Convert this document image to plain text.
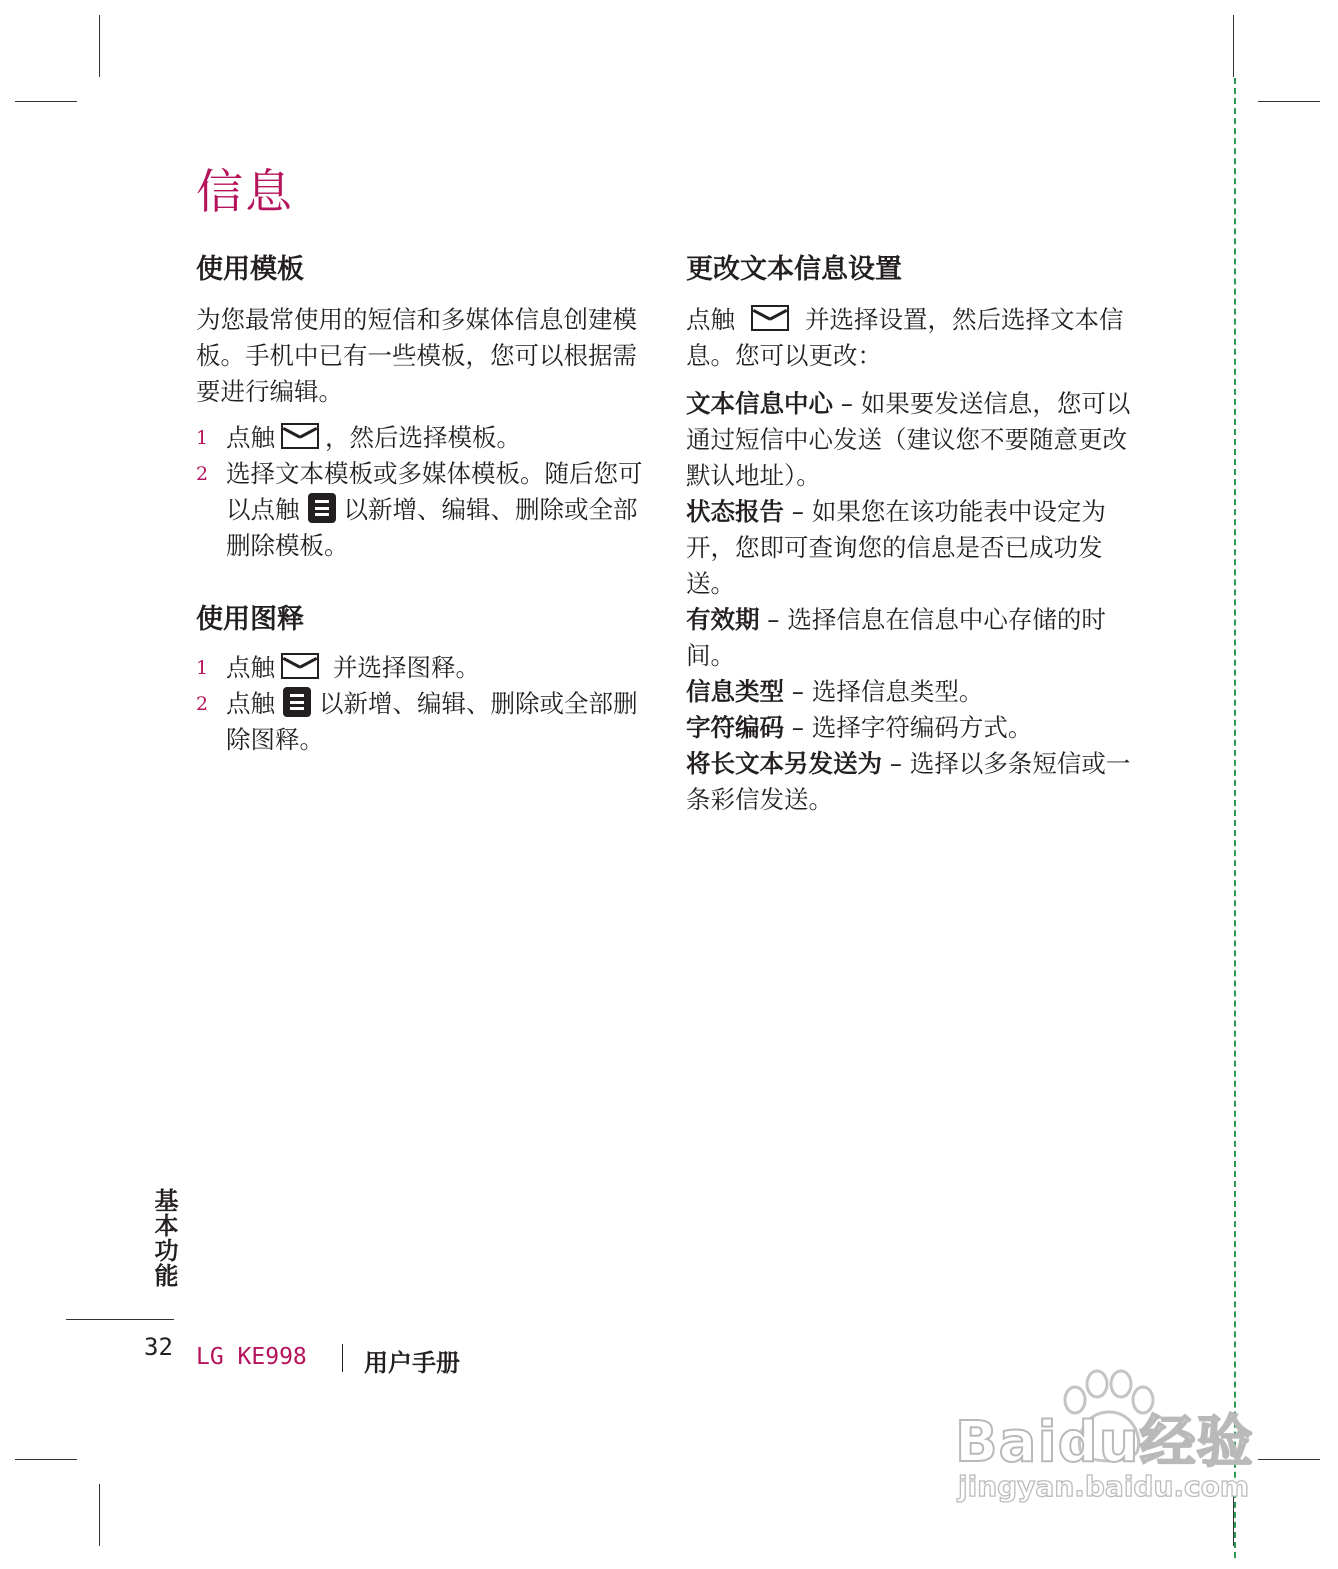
信息
使用模板

为您最常使用的短信和多媒体信息创建模板。手机中已有一些模板，您可以根据需要进行编辑。

1 点触 ，然后选择模板。
2 选择文本模板或多媒体模板。随后您可以点触 以新增、编辑、删除或全部删除模板。
使用图释
1 点触 并选择图释。
2 点触 以新增、编辑、删除或全部删除图释。
更改文本信息设置

点触	并选择设置，然后选择文本信息。您可以更改：

文本信息中心 – 如果要发送信息，您可以通过短信中心发送（建议您不要随意更改默认地址）。

状态报告 – 如果您在该功能表中设定为开，您即可查询您的信息是否已成功发送。

有效期 – 选择信息在信息中心存储的时间。

信息类型 – 选择信息类型。

字符编码 – 选择字符编码方式。

将长文本另发送为 – 选择以多条短信或一条彩信发送。

基本功能
32 LG KE998 用户手册
Baidu经验
jingyan.baidu.com
